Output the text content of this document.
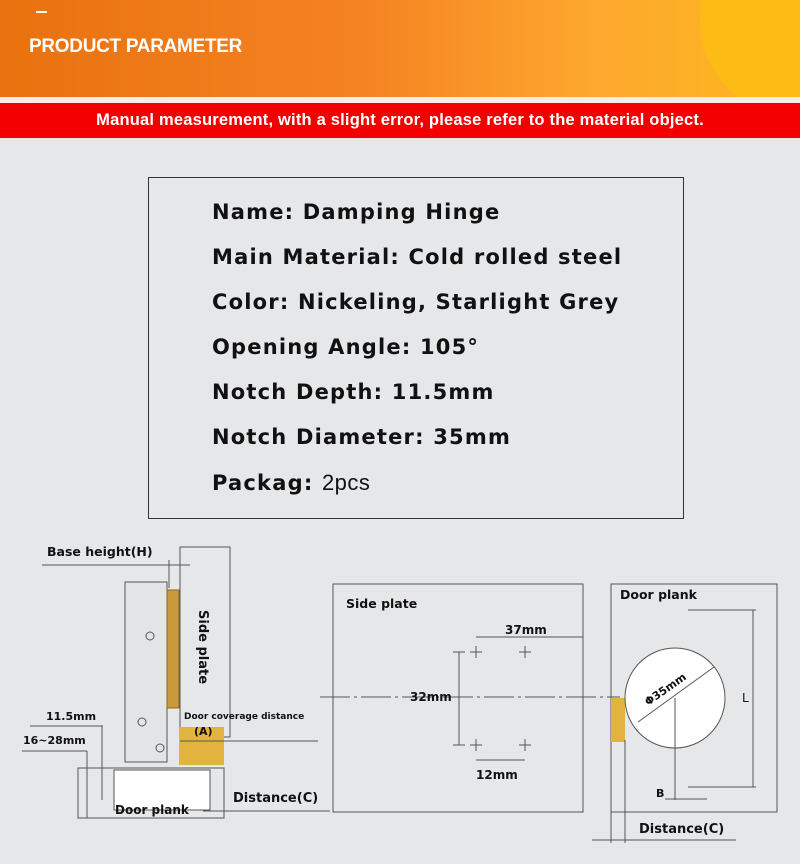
PRODUCT PARAMETER
Manual measurement, with a slight error, please refer to the material object.
Name: Damping Hinge
Main Material: Cold rolled steel
Color: Nickeling, Starlight Grey
Opening Angle: 105°
Notch Depth: 11.5mm
Notch Diameter: 35mm
Packag: 2pcs
Base height(H)
Side plate
Door coverage distance
(A)
11.5mm
16~28mm
Door plank
Distance(C)
Side plate
37mm
32mm
12mm
Door plank
Φ35mm	L
B
Distance(C)
